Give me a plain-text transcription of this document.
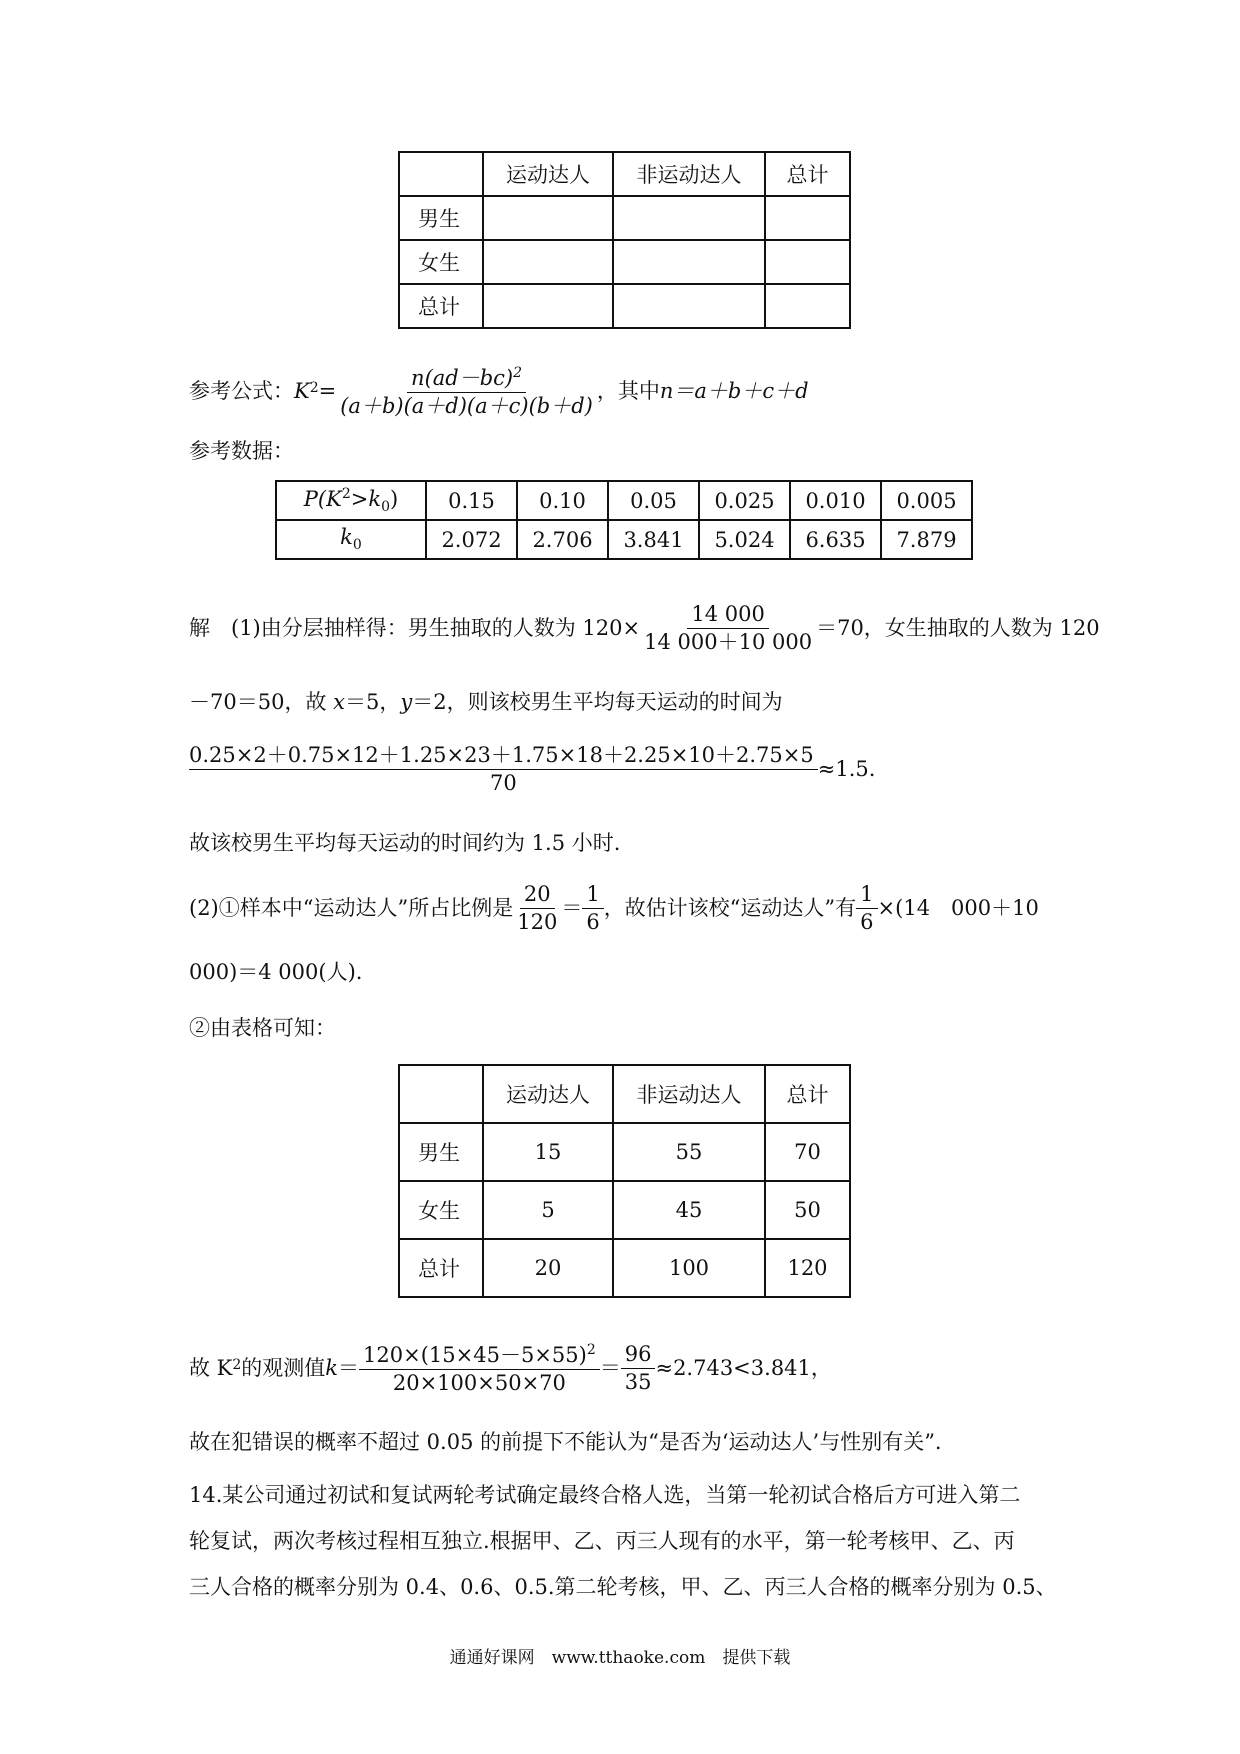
	运动达人	非运动达人	总计
男生			
女生			
总计			
参考公式： $K^2 = \frac{n(ad-bc)^2}{(a+b)(a+d)(a+c)(b+d)}$ ，其中 n＝a＋b＋c＋d
参考数据：
$P(K^2>k_0)$	0.15	0.10	0.05	0.025	0.010	0.005
$k_0$	2.072	2.706	3.841	5.024	6.635	7.879
解　(1)由分层抽样得：男生抽取的人数为 $120\times \frac{14 000}{14 000+10 000} =70$，女生抽取的人数为 120
－70＝50，故 x＝5，y＝2，则该校男生平均每天运动的时间为
$\frac{0.25\times 2+0.75\times 12+1.25\times 23+1.75\times 18+2.25\times 10+2.75\times 5}{70} \approx 1.5$.
故该校男生平均每天运动的时间约为 1.5 小时.
(2)①样本中“运动达人”所占比例是 $\frac{20}{120} = \frac{1}{6}$ ，故估计该校“运动达人”有 $\frac{1}{6} \times(14$　000＋10
000)＝4 000(人).
②由表格可知：
	运动达人	非运动达人	总计
男生	15	55	70
女生	5	45	50
总计	20	100	120
故 $K^2$ 的观测值 $k = \frac{120\times(15\times 45-5\times 55)^2}{20\times 100\times 50\times 70} = \frac{96}{35} \approx 2.743<3.841$，
故在犯错误的概率不超过 0.05 的前提下不能认为“是否为‘运动达人’与性别有关”.
14.某公司通过初试和复试两轮考试确定最终合格人选，当第一轮初试合格后方可进入第二
轮复试，两次考核过程相互独立.根据甲、乙、丙三人现有的水平，第一轮考核甲、乙、丙
三人合格的概率分别为 0.4、0.6、0.5.第二轮考核，甲、乙、丙三人合格的概率分别为 0.5、
通通好课网　www.tthaoke.com　提供下载
